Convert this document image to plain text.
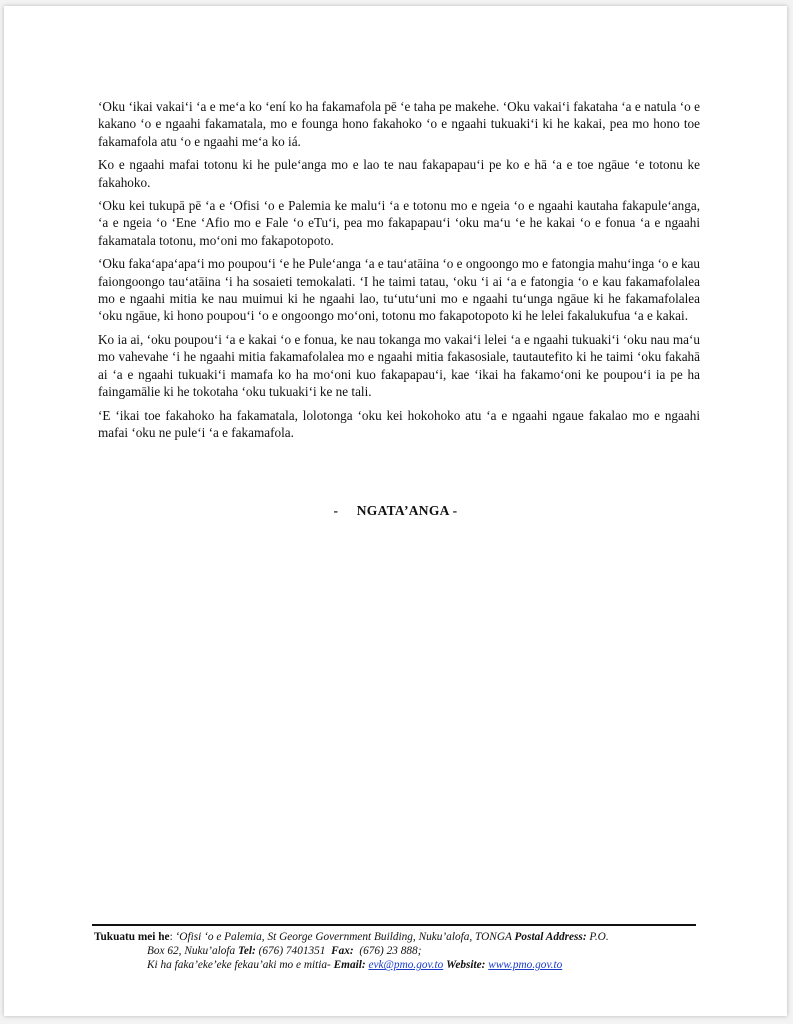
‘Oku ‘ikai vakai‘i ‘a e me‘a ko ‘ení ko ha fakamafola pē ‘e taha pe makehe. ‘Oku vakai‘i fakataha ‘a e natula ‘o e kakano ‘o e ngaahi fakamatala, mo e founga hono fakahoko ‘o e ngaahi tukuaki‘i ki he kakai, pea mo hono toe fakamafola atu ‘o e ngaahi me‘a ko iá.

Ko e ngaahi mafai totonu ki he pule‘anga mo e lao te nau fakapapau‘i pe ko e hā ‘a e toe ngāue ‘e totonu ke fakahoko.

‘Oku kei tukupā pē ‘a e ‘Ofisi ‘o e Palemia ke malu‘i ‘a e totonu mo e ngeia ‘o e ngaahi kautaha fakapule‘anga, ‘a e ngeia ‘o ‘Ene ‘Afio mo e Fale ‘o eTu‘i, pea mo fakapapau‘i ‘oku ma‘u ‘e he kakai ‘o e fonua ‘a e ngaahi fakamatala totonu, mo‘oni mo fakapotopoto.

‘Oku faka‘apa‘apa‘i mo poupou‘i ‘e he Pule‘anga ‘a e tau‘atāina ‘o e ongoongo mo e fatongia mahu‘inga ‘o e kau faiongoongo tau‘atāina ‘i ha sosaieti temokalati. ‘I he taimi tatau, ‘oku ‘i ai ‘a e fatongia ‘o e kau fakamafolalea mo e ngaahi mitia ke nau muimui ki he ngaahi lao, tu‘utu‘uni mo e ngaahi tu‘unga ngāue ki he fakamafolalea ‘oku ngāue, ki hono poupou‘i ‘o e ongoongo mo‘oni, totonu mo fakapotopoto ki he lelei fakalukufua ‘a e kakai.

Ko ia ai, ‘oku poupou‘i ‘a e kakai ‘o e fonua, ke nau tokanga mo vakai‘i lelei ‘a e ngaahi tukuaki‘i ‘oku nau ma‘u mo vahevahe ‘i he ngaahi mitia fakamafolalea mo e ngaahi mitia fakasosiale, tautautefito ki he taimi ‘oku fakahā ai ‘a e ngaahi tukuaki‘i mamafa ko ha mo‘oni kuo fakapapau‘i, kae ‘ikai ha fakamo‘oni ke poupou‘i ia pe ha faingamālie ki he tokotaha ‘oku tukuaki‘i ke ne tali.

‘E ‘ikai toe fakahoko ha fakamatala, lolotonga ‘oku kei hokohoko atu ‘a e ngaahi ngaue fakalao mo e ngaahi mafai ‘oku ne pule‘i ‘a e fakamafola.

-     NGATA’ANGA -
Tukuatu mei he: ‘Ofisi ‘o e Palemia, St George Government Building, Nuku’alofa, TONGA Postal Address: P.O.
Box 62, Nuku’alofa Tel: (676) 7401351  Fax:  (676) 23 888;
Ki ha faka’eke’eke fekau’aki mo e mitia- Email: evk@pmo.gov.to Website: www.pmo.gov.to
